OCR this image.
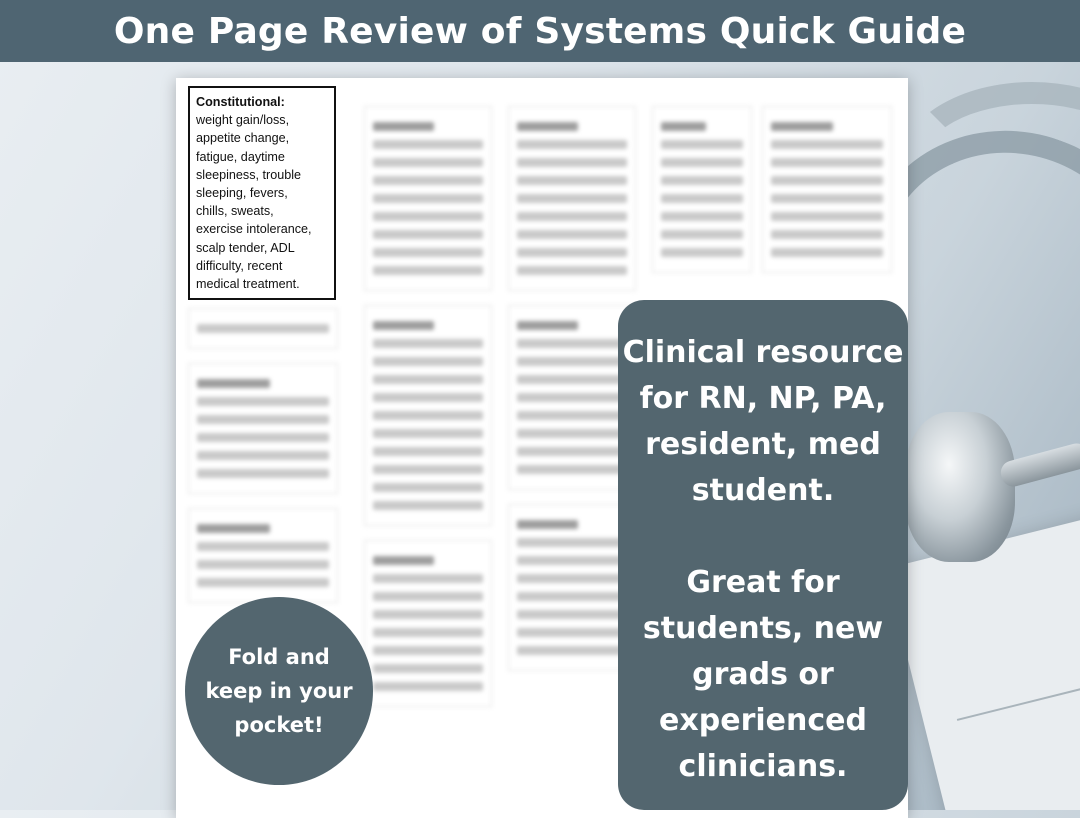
One Page Review of Systems Quick Guide
Constitutional:
weight gain/loss,
appetite change,
fatigue, daytime
sleepiness, trouble
sleeping, fevers,
chills, sweats,
exercise intolerance,
scalp tender, ADL
difficulty, recent
medical treatment.

Clinical resource

for RN, NP, PA,

resident, med

student.

Great for

students, new

grads or

experienced

clinicians.

Fold and
keep in your
pocket!
